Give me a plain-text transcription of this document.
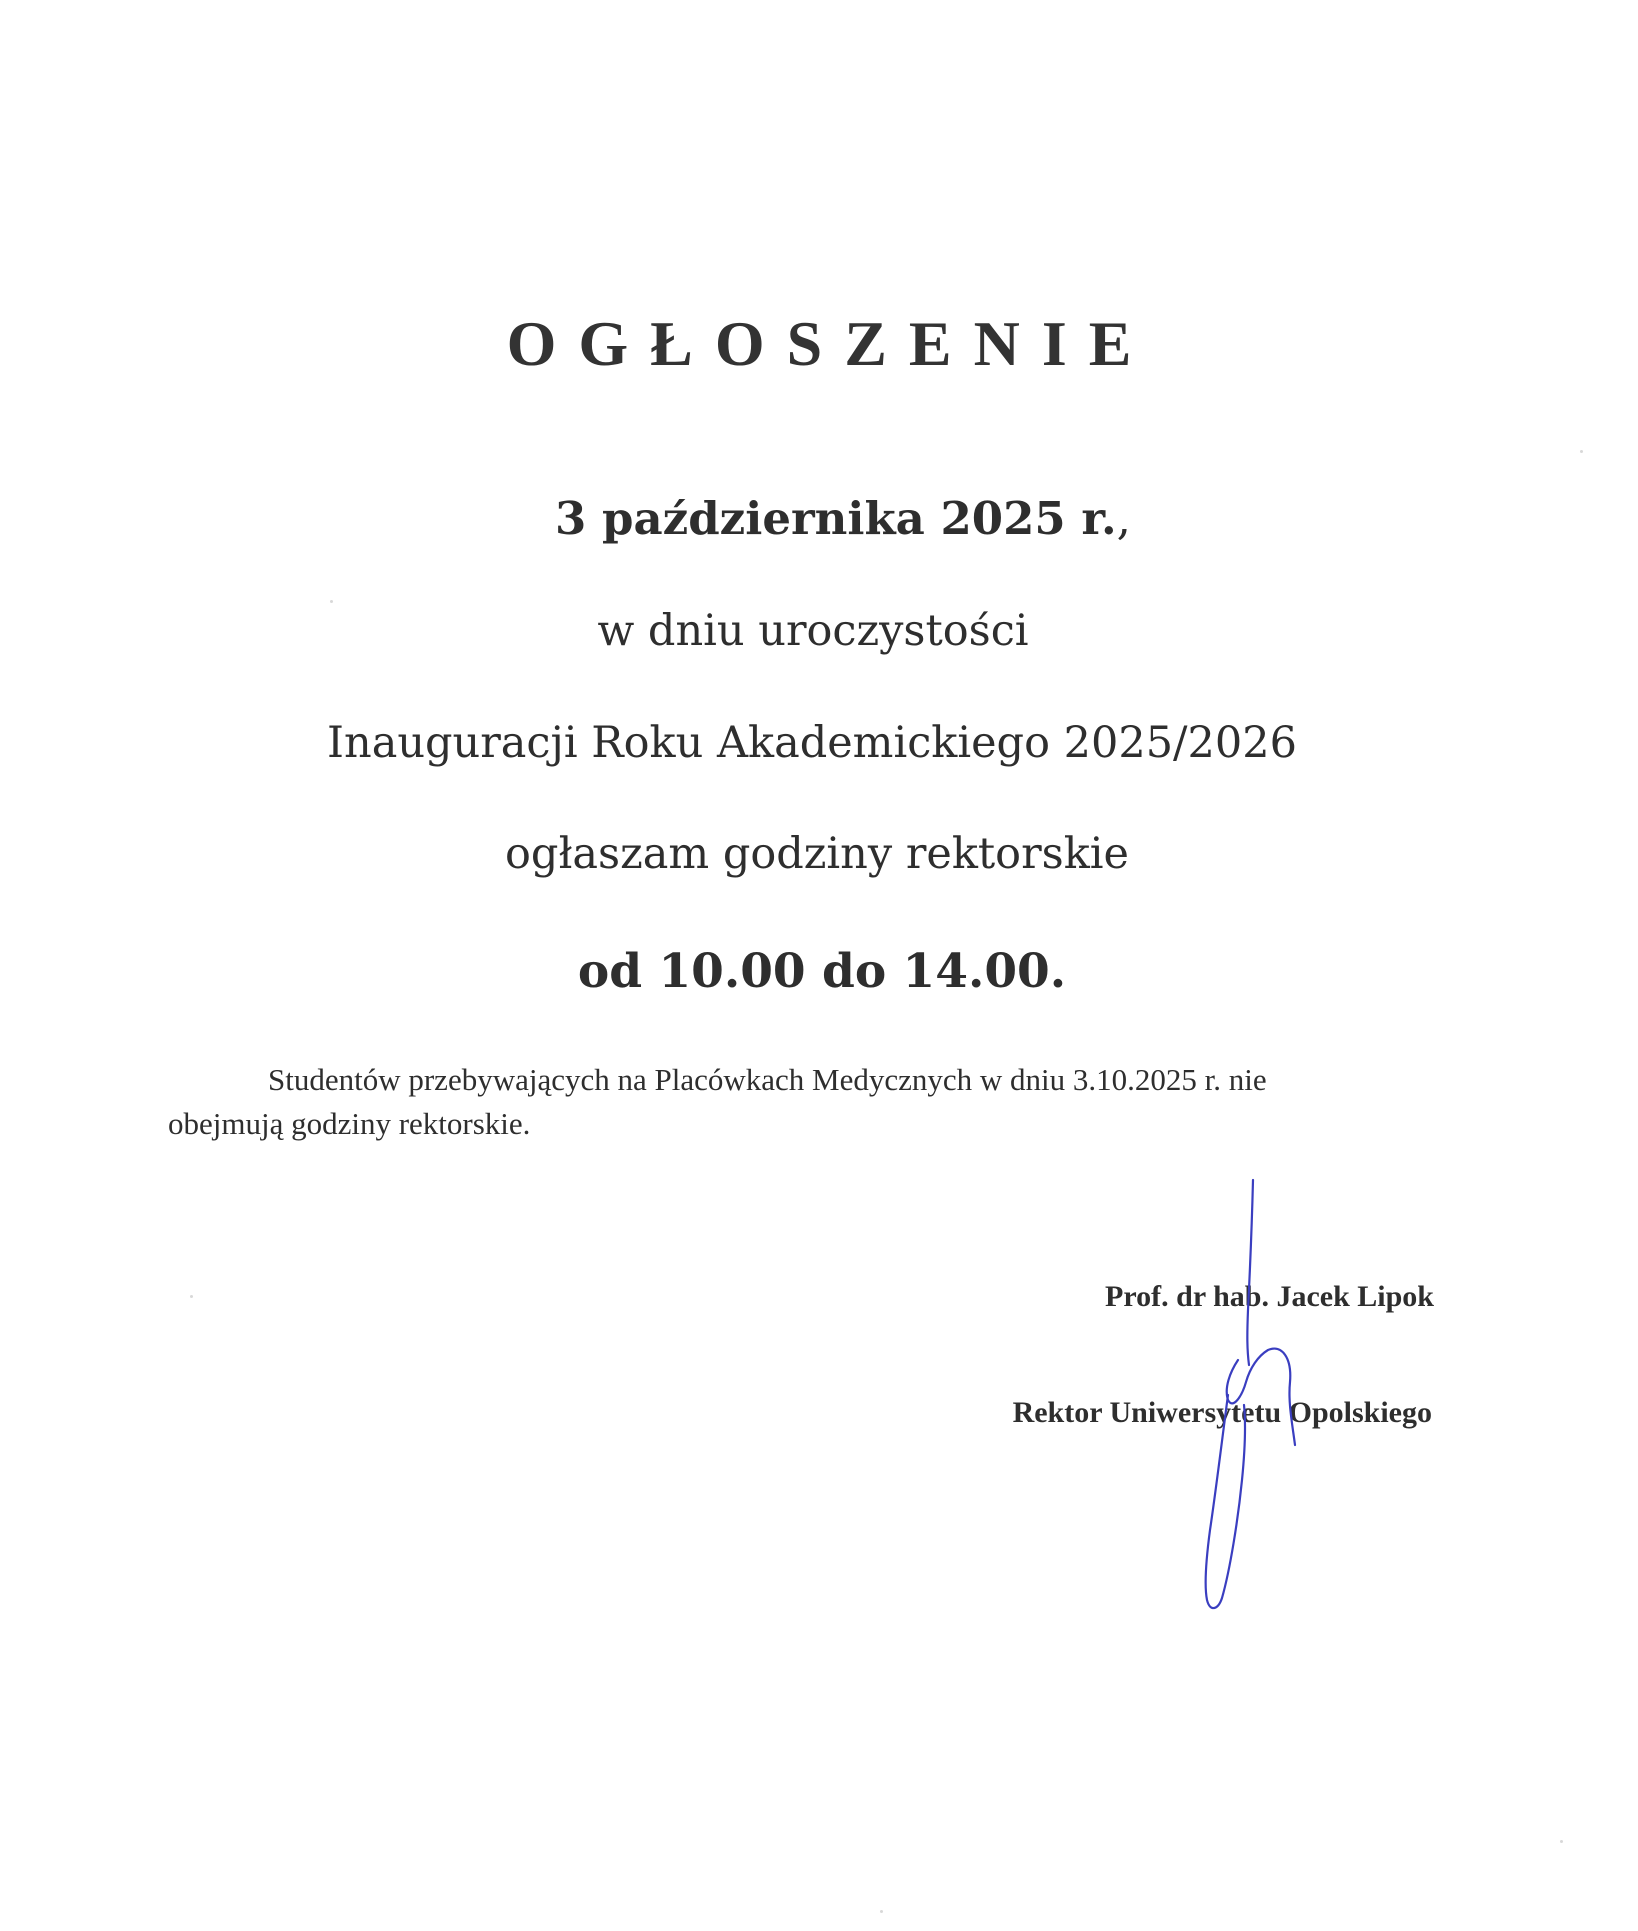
OGŁOSZENIE
3 października 2025 r.,
w dniu uroczystości
Inauguracji Roku Akademickiego 2025/2026
ogłaszam godziny rektorskie
od 10.00 do 14.00.

Studentów przebywających na Placówkach Medycznych w dniu 3.10.2025 r. nie obejmują godziny rektorskie.

Prof. dr hab. Jacek Lipok
Rektor Uniwersytetu Opolskiego
